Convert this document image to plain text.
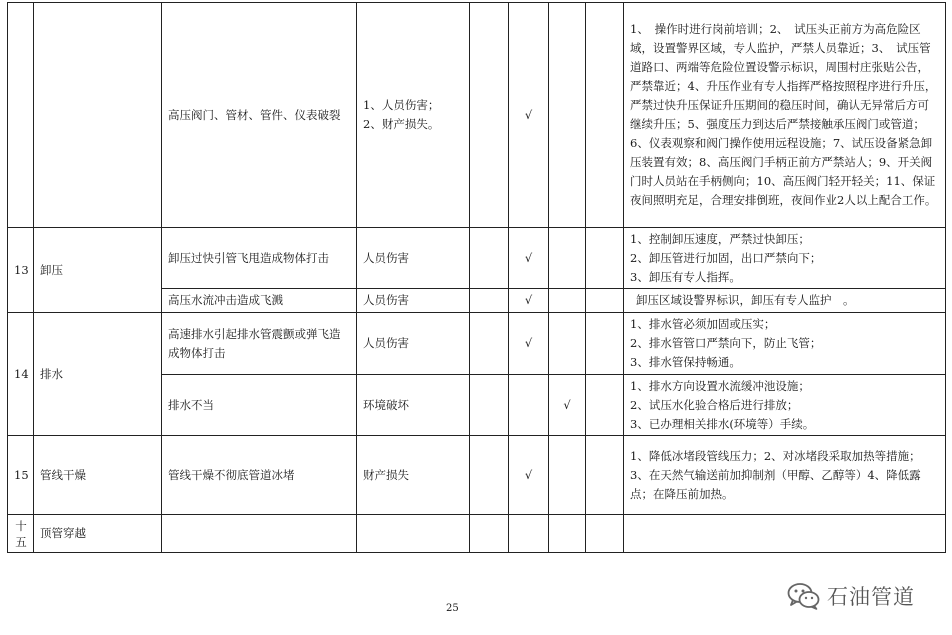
		高压阀门、管材、管件、仪表破裂	1、人员伤害；
2、财产损失。		√			1、　操作时进行岗前培训；2、　试压头正前方为高危险区域，设置警界区域，专人监护，严禁人员靠近；3、　试压管道路口、两端等危险位置设警示标识，周围村庄张贴公告，严禁靠近；4、升压作业有专人指挥严格按照程序进行升压，严禁过快升压保证升压期间的稳压时间，确认无异常后方可继续升压；5、强度压力到达后严禁接触承压阀门或管道；6、仪表观察和阀门操作使用远程设施；7、试压设备紧急卸压装置有效；8、高压阀门手柄正前方严禁站人；9、开关阀门时人员站在手柄侧向；10、高压阀门轻开轻关；11、保证夜间照明充足，合理安排倒班，夜间作业2人以上配合工作。

13	卸压	卸压过快引管飞甩造成物体打击	人员伤害		√			1、控制卸压速度，严禁过快卸压；
2、卸压管进行加固，出口严禁向下；
3、卸压有专人指挥。

		高压水流冲击造成飞溅	人员伤害		√			卸压区域设警界标识，卸压有专人监护　。

14	排水	高速排水引起排水管震颤或弹飞造成物体打击	人员伤害		√			1、排水管必须加固或压实；
2、排水管管口严禁向下，防止飞管；
3、排水管保持畅通。

		排水不当	环境破坏			√		1、排水方向设置水流缓冲池设施；
2、试压水化验合格后进行排放；
3、已办理相关排水(环境等）手续。

15	管线干燥	管线干燥不彻底管道冰堵	财产损失		√			1、降低冰堵段管线压力；2、对冰堵段采取加热等措施；3、在天然气输送前加抑制剂（甲醇、乙醇等）4、降低露点；在降压前加热。

十五	顶管穿越							
石油管道
25
